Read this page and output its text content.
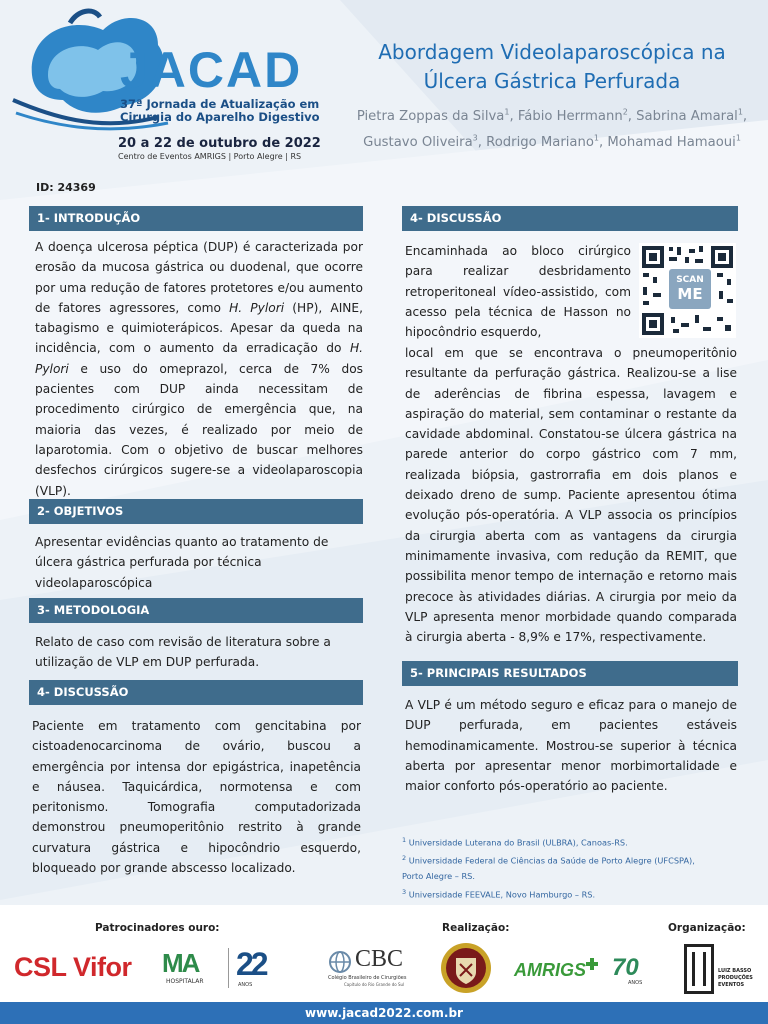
JACAD
37ª Jornada de Atualização em
Cirurgia do Aparelho Digestivo
20 a 22 de outubro de 2022
Centro de Eventos AMRIGS | Porto Alegre | RS
Abordagem Videolaparoscópica na
Úlcera Gástrica Perfurada
Pietra Zoppas da Silva$^1$, Fábio Herrmann$^2$, Sabrina Amaral$^1$, Gustavo Oliveira$^3$, Rodrigo Mariano$^1$, Mohamad Hamaoui$^1$
ID: 24369
1- INTRODUÇÃO
A doença ulcerosa péptica (DUP) é caracterizada por erosão da mucosa gástrica ou duodenal, que ocorre por uma redução de fatores protetores e/ou aumento de fatores agressores, como H. Pylori (HP), AINE, tabagismo e quimioterápicos. Apesar da queda na incidência, com o aumento da erradicação do H. Pylori e uso do omeprazol, cerca de 7% dos pacientes com DUP ainda necessitam de procedimento cirúrgico de emergência que, na maioria das vezes, é realizado por meio de laparotomia. Com o objetivo de buscar melhores desfechos cirúrgicos sugere-se a videolaparoscopia (VLP).
2- OBJETIVOS
Apresentar evidências quanto ao tratamento de úlcera gástrica perfurada por técnica videolaparoscópica
3- METODOLOGIA
Relato de caso com revisão de literatura sobre a utilização de VLP em DUP perfurada.
4- DISCUSSÃO
Paciente em tratamento com gencitabina por cistoadenocarcinoma de ovário, buscou a emergência por intensa dor epigástrica, inapetência e náusea. Taquicárdica, normotensa e com peritonismo. Tomografia computadorizada demonstrou pneumoperitônio restrito à grande curvatura gástrica e hipocôndrio esquerdo, bloqueado por grande abscesso localizado.
4- DISCUSSÃO
Encaminhada ao bloco cirúrgico para realizar desbridamento retroperitoneal vídeo-assistido, com acesso pela técnica de Hasson no hipocôndrio esquerdo,
SCAN
ME
local em que se encontrava o pneumoperitônio resultante da perfuração gástrica. Realizou-se a lise de aderências de fibrina espessa, lavagem e aspiração do material, sem contaminar o restante da cavidade abdominal. Constatou-se úlcera gástrica na parede anterior do corpo gástrico com 7 mm, realizada biópsia, gastrorrafia em dois planos e deixado dreno de sump. Paciente apresentou ótima evolução pós-operatória. A VLP associa os princípios da cirurgia aberta com as vantagens da cirurgia minimamente invasiva, com redução da REMIT, que possibilita menor tempo de internação e retorno mais precoce às atividades diárias. A cirurgia por meio da VLP apresenta menor morbidade quando comparada à cirurgia aberta - 8,9% e 17%, respectivamente.
5- PRINCIPAIS RESULTADOS
A VLP é um método seguro e eficaz para o manejo de DUP perfurada, em pacientes estáveis hemodinamicamente. Mostrou-se superior à técnica aberta por apresentar menor morbimortalidade e maior conforto pós-operatório ao paciente.
$^1$ Universidade Luterana do Brasil (ULBRA), Canoas-RS.
$^2$ Universidade Federal de Ciências da Saúde de Porto Alegre (UFCSPA), Porto Alegre – RS.
$^3$ Universidade FEEVALE, Novo Hamburgo – RS.
Patrocinadores ouro:	Realização:	Organização:
CSL Vifor MA
HOSPITALAR 22
ANOS
CBC
Colégio Brasileiro de Cirurgiões
Capítulo do Rio Grande do Sul
AMRIGS 70
ANOS
LUIZ BASSO
PRODUÇÕES
EVENTOS
www.jacad2022.com.br
